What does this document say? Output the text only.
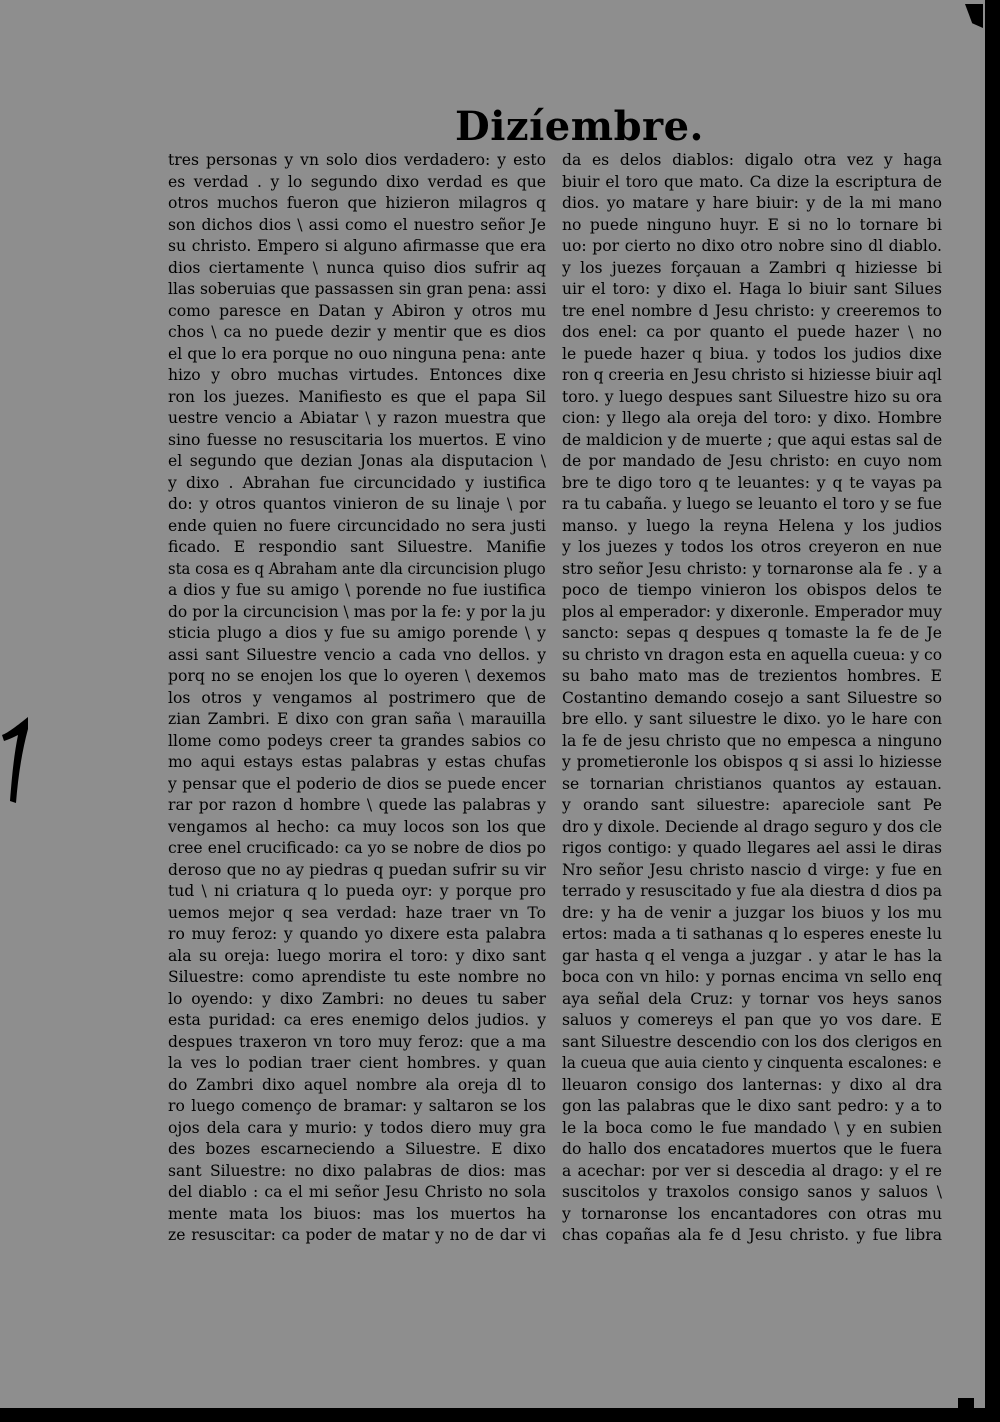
Dizíembre.
tres personas y vn solo dios verdadero: y esto
es verdad . y lo segundo dixo verdad es que
otros muchos fueron que hizieron milagros q
son dichos dios \ assi como el nuestro señor Je
su christo. Empero si alguno afirmasse que era
dios ciertamente \ nunca quiso dios sufrir aq
llas soberuias que passassen sin gran pena: assi
como paresce en Datan y Abiron y otros mu
chos \ ca no puede dezir y mentir que es dios
el que lo era porque no ouo ninguna pena: ante
hizo y obro muchas virtudes. Entonces dixe
ron los juezes. Manifiesto es que el papa Sil
uestre vencio a Abiatar \ y razon muestra que
sino fuesse no resuscitaria los muertos. E vino
el segundo que dezian Jonas ala disputacion \
y dixo . Abrahan fue circuncidado y iustifica
do: y otros quantos vinieron de su linaje \ por
ende quien no fuere circuncidado no sera justi
ficado. E respondio sant Siluestre. Manifie
sta cosa es q Abraham ante dla circuncision plugo
a dios y fue su amigo \ porende no fue iustifica
do por la circuncision \ mas por la fe: y por la ju
sticia plugo a dios y fue su amigo porende \ y
assi sant Siluestre vencio a cada vno dellos. y
porq no se enojen los que lo oyeren \ dexemos
los otros y vengamos al postrimero que de
zian Zambri. E dixo con gran saña \ marauilla
llome como podeys creer ta grandes sabios co
mo aqui estays estas palabras y estas chufas
y pensar que el poderio de dios se puede encer
rar por razon d hombre \ quede las palabras y
vengamos al hecho: ca muy locos son los que
cree enel crucificado: ca yo se nobre de dios po
deroso que no ay piedras q puedan sufrir su vir
tud \ ni criatura q lo pueda oyr: y porque pro
uemos mejor q sea verdad: haze traer vn To
ro muy feroz: y quando yo dixere esta palabra
ala su oreja: luego morira el toro: y dixo sant
Siluestre: como aprendiste tu este nombre no
lo oyendo: y dixo Zambri: no deues tu saber
esta puridad: ca eres enemigo delos judios. y
despues traxeron vn toro muy feroz: que a ma
la ves lo podian traer cient hombres. y quan
do Zambri dixo aquel nombre ala oreja dl to
ro luego començo de bramar: y saltaron se los
ojos dela cara y murio: y todos diero muy gra
des bozes escarneciendo a Siluestre. E dixo
sant Siluestre: no dixo palabras de dios: mas
del diablo : ca el mi señor Jesu Christo no sola
mente mata los biuos: mas los muertos ha
ze resuscitar: ca poder de matar y no de dar vi
da es delos diablos: digalo otra vez y haga
biuir el toro que mato. Ca dize la escriptura de
dios. yo matare y hare biuir: y de la mi mano
no puede ninguno huyr. E si no lo tornare bi
uo: por cierto no dixo otro nobre sino dl diablo.
y los juezes forçauan a Zambri q hiziesse bi
uir el toro: y dixo el. Haga lo biuir sant Silues
tre enel nombre d Jesu christo: y creeremos to
dos enel: ca por quanto el puede hazer \ no
le puede hazer q biua. y todos los judios dixe
ron q creeria en Jesu christo si hiziesse biuir aql
toro. y luego despues sant Siluestre hizo su ora
cion: y llego ala oreja del toro: y dixo. Hombre
de maldicion y de muerte ; que aqui estas sal de
de por mandado de Jesu christo: en cuyo nom
bre te digo toro q te leuantes: y q te vayas pa
ra tu cabaña. y luego se leuanto el toro y se fue
manso. y luego la reyna Helena y los judios
y los juezes y todos los otros creyeron en nue
stro señor Jesu christo: y tornaronse ala fe . y a
poco de tiempo vinieron los obispos delos te
plos al emperador: y dixeronle. Emperador muy
sancto: sepas q despues q tomaste la fe de Je
su christo vn dragon esta en aquella cueua: y co
su baho mato mas de trezientos hombres. E
Costantino demando cosejo a sant Siluestre so
bre ello. y sant siluestre le dixo. yo le hare con
la fe de jesu christo que no empesca a ninguno
y prometieronle los obispos q si assi lo hiziesse
se tornarian christianos quantos ay estauan.
y orando sant siluestre: apareciole sant Pe
dro y dixole. Deciende al drago seguro y dos cle
rigos contigo: y quado llegares ael assi le diras
Nro señor Jesu christo nascio d virge: y fue en
terrado y resuscitado y fue ala diestra d dios pa
dre: y ha de venir a juzgar los biuos y los mu
ertos: mada a ti sathanas q lo esperes eneste lu
gar hasta q el venga a juzgar . y atar le has la
boca con vn hilo: y pornas encima vn sello enq
aya señal dela Cruz: y tornar vos heys sanos
saluos y comereys el pan que yo vos dare. E
sant Siluestre descendio con los dos clerigos en
la cueua que auia ciento y cinquenta escalones: e
lleuaron consigo dos lanternas: y dixo al dra
gon las palabras que le dixo sant pedro: y a to
le la boca como le fue mandado \ y en subien
do hallo dos encatadores muertos que le fuera
a acechar: por ver si descedia al drago: y el re
suscitolos y traxolos consigo sanos y saluos \
y tornaronse los encantadores con otras mu
chas copañas ala fe d Jesu christo. y fue libra
